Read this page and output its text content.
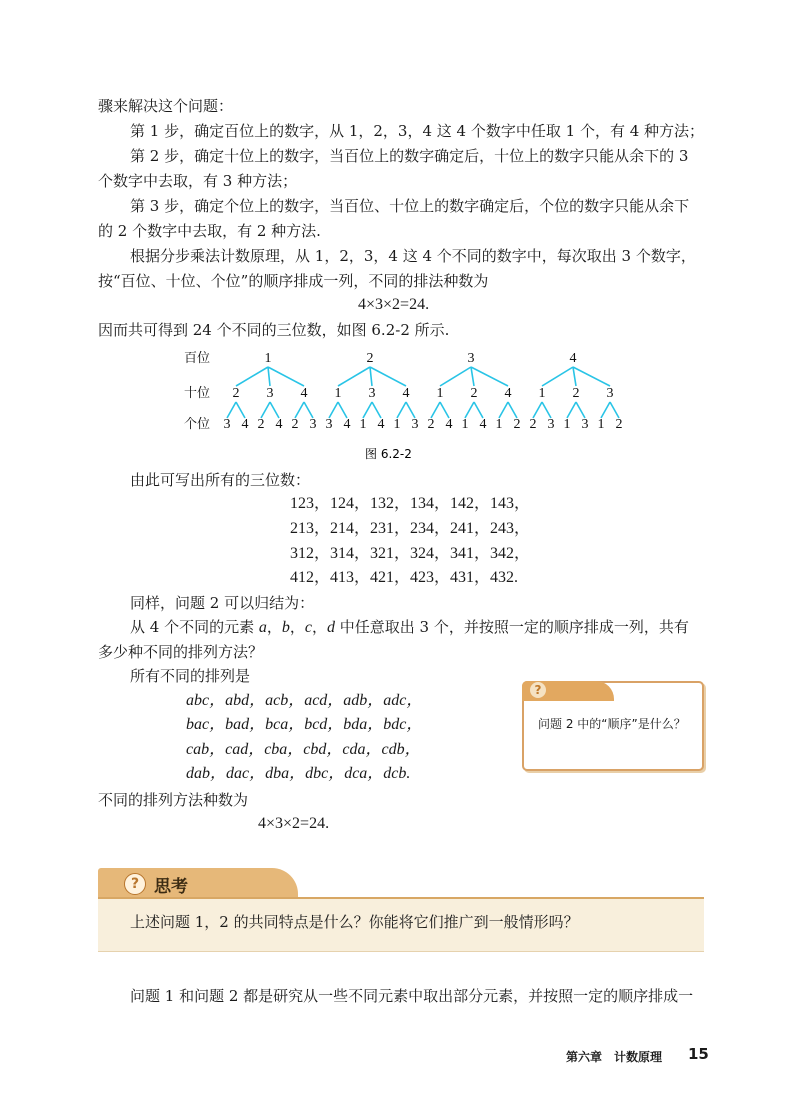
骤来解决这个问题：
第 1 步，确定百位上的数字，从 1，2，3，4 这 4 个数字中任取 1 个，有 4 种方法；
第 2 步，确定十位上的数字，当百位上的数字确定后，十位上的数字只能从余下的 3
个数字中去取，有 3 种方法；
第 3 步，确定个位上的数字，当百位、十位上的数字确定后，个位的数字只能从余下
的 2 个数字中去取，有 2 种方法.
根据分步乘法计数原理，从 1，2，3，4 这 4 个不同的数字中，每次取出 3 个数字，
按“百位、十位、个位”的顺序排成一列，不同的排法种数为
4×3×2=24.
因而共可得到 24 个不同的三位数，如图 6.2-2 所示.
百位
十位
个位
1	2	3	4
2 3 4 1 3 4 1 2 4 1 2 3
3 4 2 4 2 3 3 4 1 4 1 3 2 4 1 4 1 2 2 3 1 3 1 2
图 6.2-2
由此可写出所有的三位数：
123，124，132，134，142，143，
213，214，231，234，241，243，
312，314，321，324，341，342，
412，413，421，423，431，432.
同样，问题 2 可以归结为：
从 4 个不同的元素 a，b，c，d 中任意取出 3 个，并按照一定的顺序排成一列，共有
多少种不同的排列方法？
所有不同的排列是
abc，abd，acb，acd，adb，adc，
bac，bad，bca，bcd，bda，bdc，
cab，cad，cba，cbd，cda，cdb，
dab，dac，dba，dbc，dca，dcb.
不同的排列方法种数为
4×3×2=24.
?
问题 2 中的“顺序”是什么？
? 思考
上述问题 1，2 的共同特点是什么？你能将它们推广到一般情形吗？
问题 1 和问题 2 都是研究从一些不同元素中取出部分元素，并按照一定的顺序排成一
第六章　计数原理 15
